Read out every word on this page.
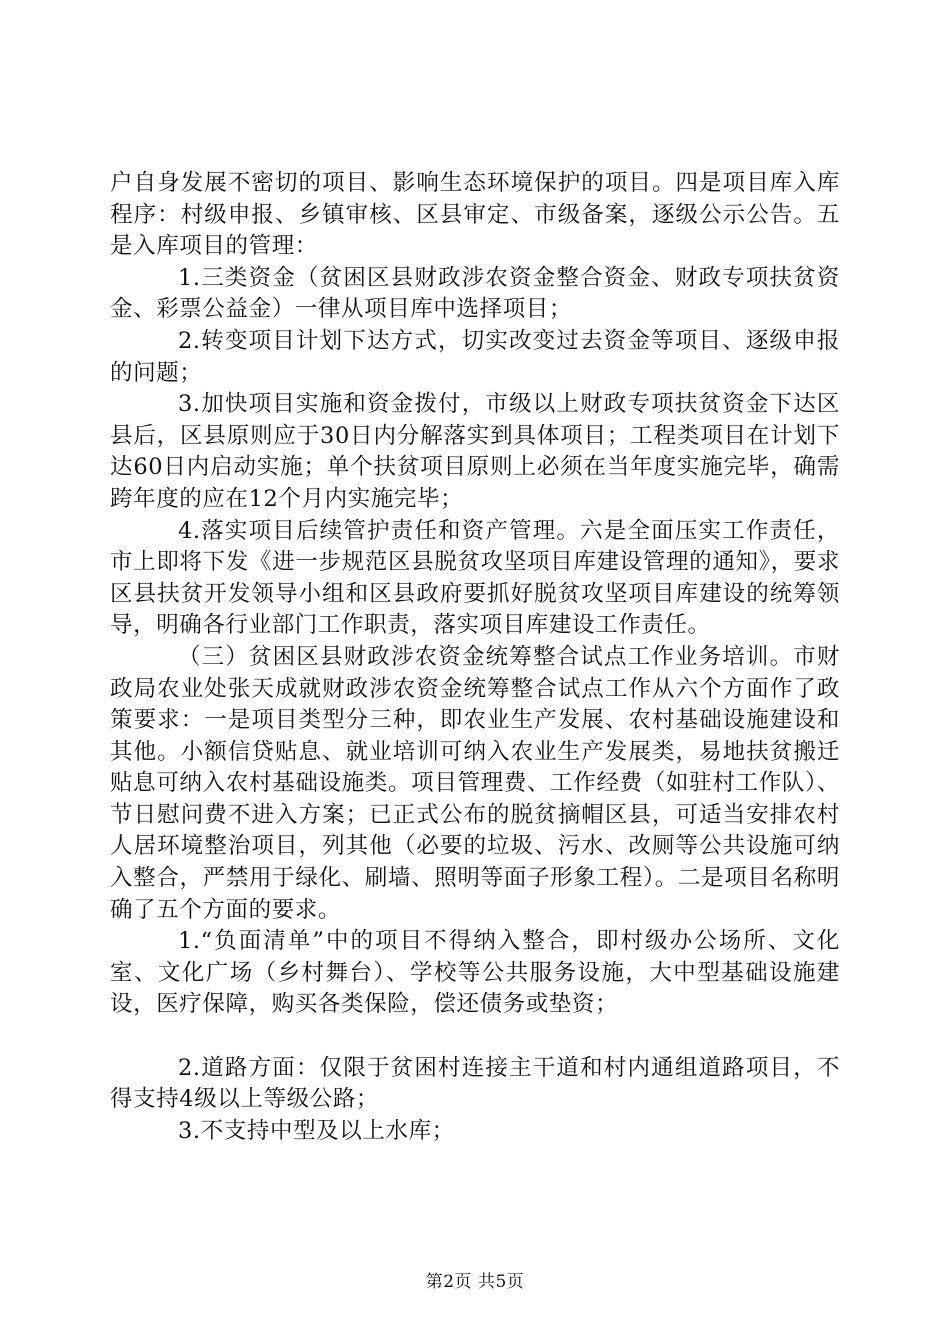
户自身发展不密切的项目、影响生态环境保护的项目。四是项目库入库程序：村级申报、乡镇审核、区县审定、市级备案，逐级公示公告。五是入库项目的管理：

1.三类资金（贫困区县财政涉农资金整合资金、财政专项扶贫资金、彩票公益金）一律从项目库中选择项目；

2.转变项目计划下达方式，切实改变过去资金等项目、逐级申报的问题；

3.加快项目实施和资金拨付，市级以上财政专项扶贫资金下达区县后，区县原则应于30日内分解落实到具体项目；工程类项目在计划下达60日内启动实施；单个扶贫项目原则上必须在当年度实施完毕，确需跨年度的应在12个月内实施完毕；

4.落实项目后续管护责任和资产管理。六是全面压实工作责任，市上即将下发《进一步规范区县脱贫攻坚项目库建设管理的通知》，要求区县扶贫开发领导小组和区县政府要抓好脱贫攻坚项目库建设的统筹领导，明确各行业部门工作职责，落实项目库建设工作责任。

（三）贫困区县财政涉农资金统筹整合试点工作业务培训。市财政局农业处张天成就财政涉农资金统筹整合试点工作从六个方面作了政策要求：一是项目类型分三种，即农业生产发展、农村基础设施建设和其他。小额信贷贴息、就业培训可纳入农业生产发展类，易地扶贫搬迁贴息可纳入农村基础设施类。项目管理费、工作经费（如驻村工作队）、节日慰问费不进入方案；已正式公布的脱贫摘帽区县，可适当安排农村人居环境整治项目，列其他（必要的垃圾、污水、改厕等公共设施可纳入整合，严禁用于绿化、刷墙、照明等面子形象工程）。二是项目名称明确了五个方面的要求。

1.“负面清单”中的项目不得纳入整合，即村级办公场所、文化室、文化广场（乡村舞台）、学校等公共服务设施，大中型基础设施建设，医疗保障，购买各类保险，偿还债务或垫资；

2.道路方面：仅限于贫困村连接主干道和村内通组道路项目，不得支持4级以上等级公路；

3.不支持中型及以上水库；

第2页 共5页
